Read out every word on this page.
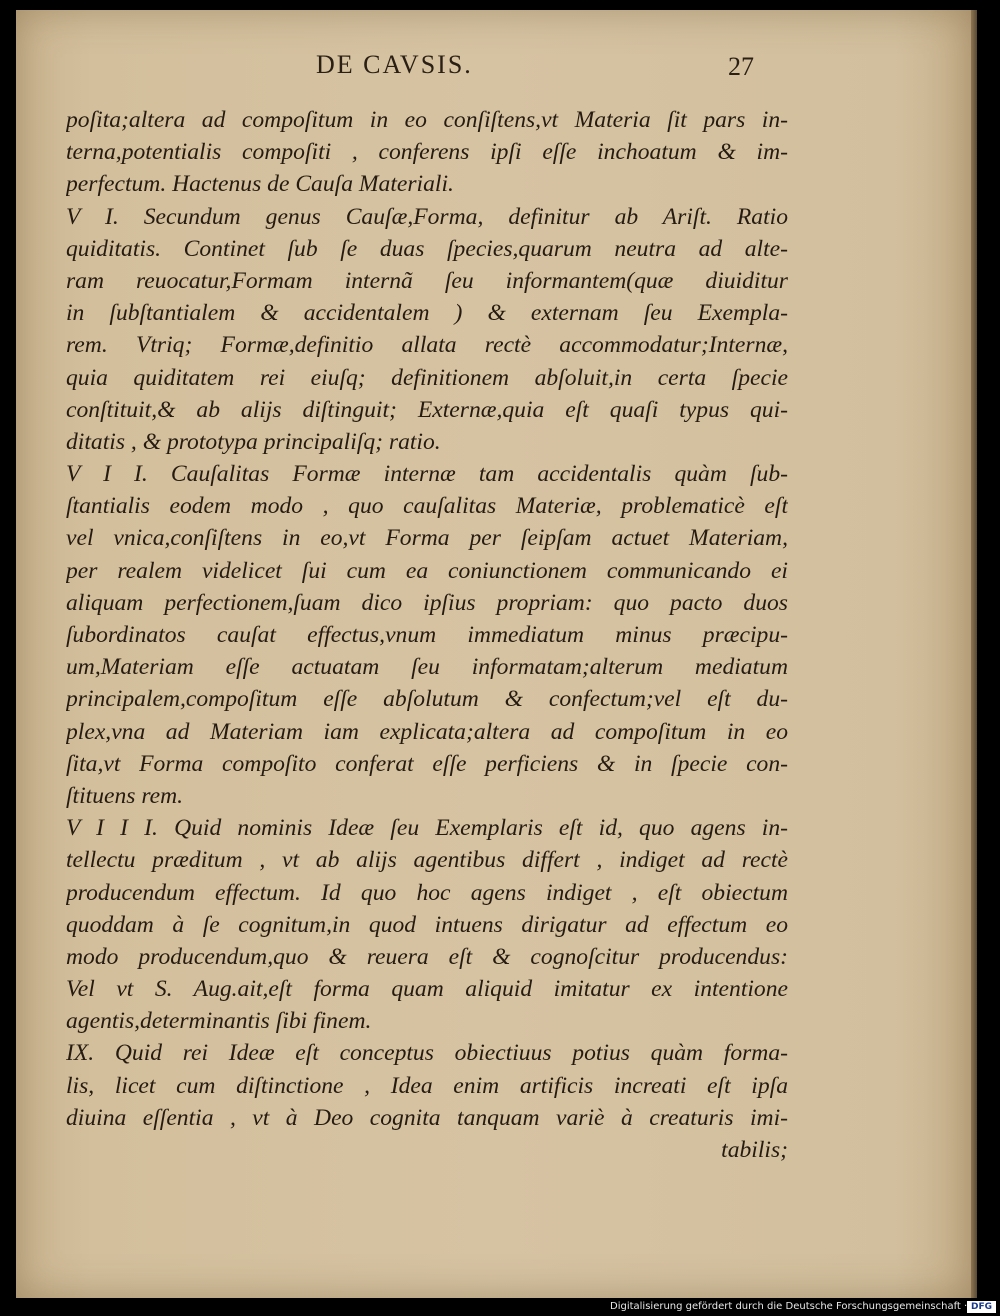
DE CAVSIS.	27
poſita;altera ad compoſitum in eo conſiſtens,vt Materia ſit pars in-
terna,potentialis compoſiti , conferens ipſi eſſe inchoatum & im-
perfectum. Hactenus de Cauſa Materiali.
V I. Secundum genus Cauſæ,Forma, definitur ab Ariſt. Ratio
quiditatis. Continet ſub ſe duas ſpecies,quarum neutra ad alte-
ram reuocatur,Formam internã ſeu informantem(quæ diuiditur
in ſubſtantialem & accidentalem ) & externam ſeu Exempla-
rem. Vtriq; Formæ,definitio allata rectè accommodatur;Internæ,
quia quiditatem rei eiuſq; definitionem abſoluit,in certa ſpecie
conſtituit,& ab alijs diſtinguit; Externæ,quia eſt quaſi typus qui-
ditatis , & prototypa principaliſq; ratio.
V I I. Cauſalitas Formæ internæ tam accidentalis quàm ſub-
ſtantialis eodem modo , quo cauſalitas Materiæ, problematicè eſt
vel vnica,conſiſtens in eo,vt Forma per ſeipſam actuet Materiam,
per realem videlicet ſui cum ea coniunctionem communicando ei
aliquam perfectionem,ſuam dico ipſius propriam: quo pacto duos
ſubordinatos cauſat effectus,vnum immediatum minus præcipu-
um,Materiam eſſe actuatam ſeu informatam;alterum mediatum
principalem,compoſitum eſſe abſolutum & confectum;vel eſt du-
plex,vna ad Materiam iam explicata;altera ad compoſitum in eo
ſita,vt Forma compoſito conferat eſſe perficiens & in ſpecie con-
ſtituens rem.
V I I I. Quid nominis Ideæ ſeu Exemplaris eſt id, quo agens in-
tellectu præditum , vt ab alijs agentibus differt , indiget ad rectè
producendum effectum. Id quo hoc agens indiget , eſt obiectum
quoddam à ſe cognitum,in quod intuens dirigatur ad effectum eo
modo producendum,quo & reuera eſt & cognoſcitur producendus:
Vel vt S. Aug.ait,eſt forma quam aliquid imitatur ex intentione
agentis,determinantis ſibi finem.
IX. Quid rei Ideæ eſt conceptus obiectiuus potius quàm forma-
lis, licet cum diſtinctione , Idea enim artificis increati eſt ipſa
diuina eſſentia , vt à Deo cognita tanquam variè à creaturis imi-
tabilis;
Digitalisierung gefördert durch die Deutsche Forschungsgemeinschaft · DFG
